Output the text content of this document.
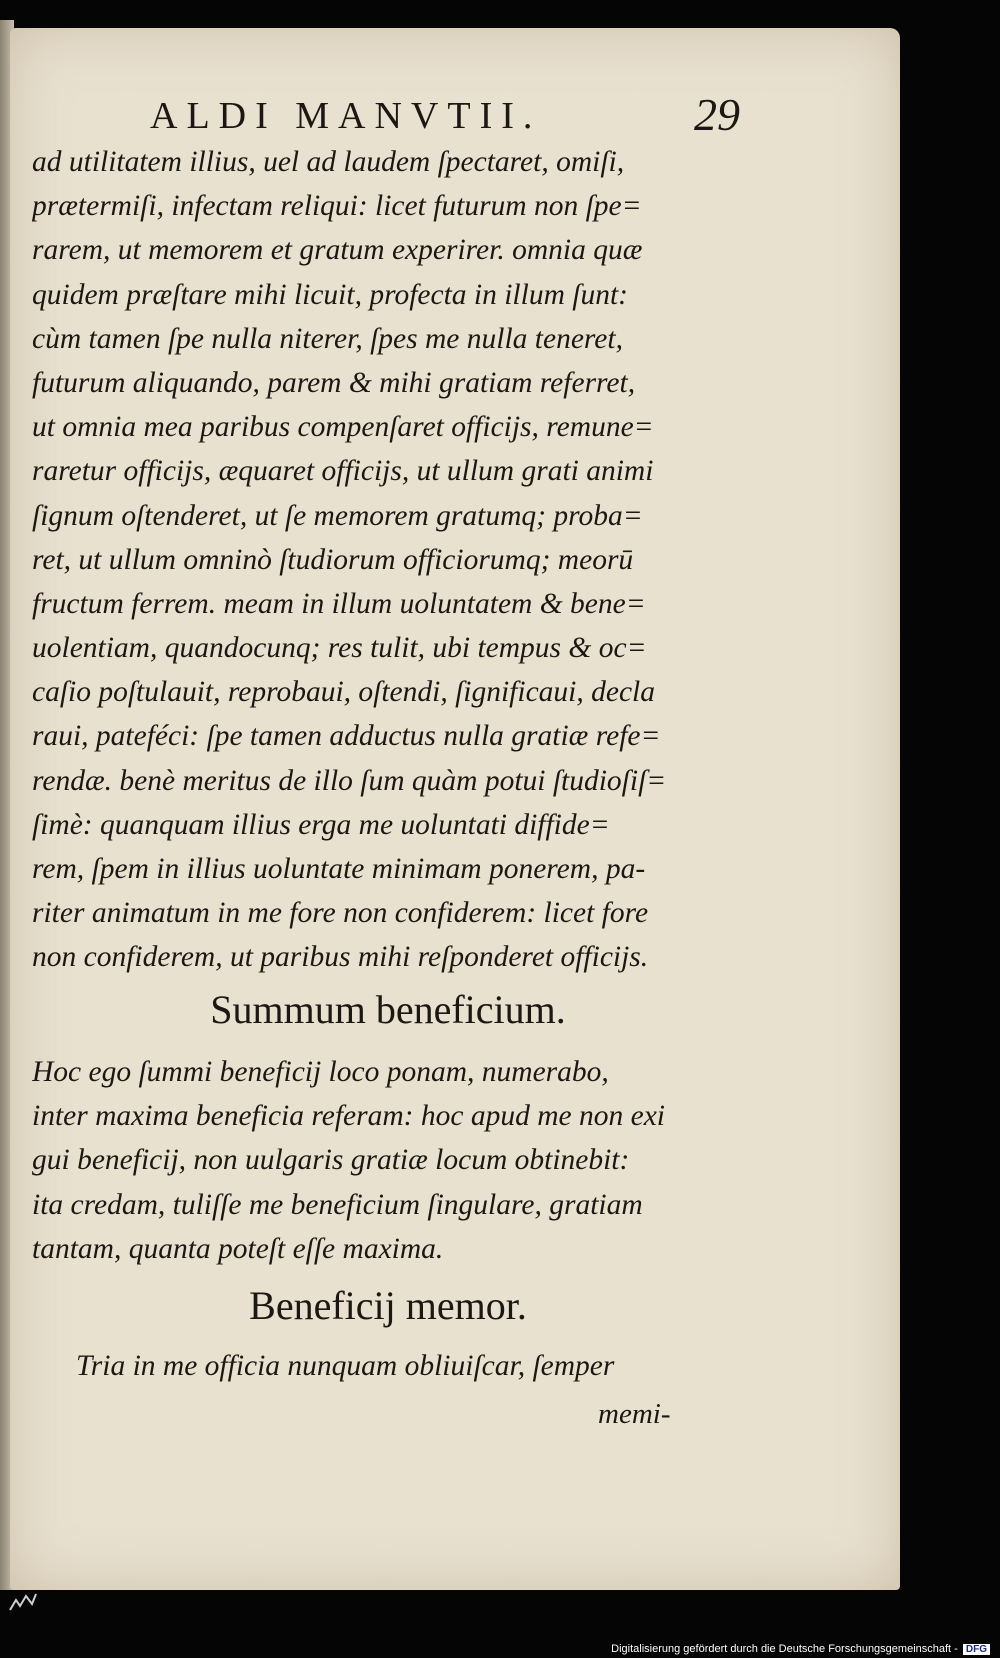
ALDI MANVTII.	29
ad utilitatem illius, uel ad laudem ſpectaret, omiſi,
prætermiſi, infectam reliqui: licet futurum non ſpe=
rarem, ut memorem et gratum experirer. omnia quæ
quidem præſtare mihi licuit, profecta in illum ſunt:
cùm tamen ſpe nulla niterer, ſpes me nulla teneret,
futurum aliquando, parem & mihi gratiam referret,
ut omnia mea paribus compenſaret officijs, remune=
raretur officijs, æquaret officijs, ut ullum grati animi
ſignum oſtenderet, ut ſe memorem gratumq; proba=
ret, ut ullum omninò ſtudiorum officiorumq; meorū
fructum ferrem. meam in illum uoluntatem & bene=
uolentiam, quandocunq; res tulit, ubi tempus & oc=
caſio poſtulauit, reprobaui, oſtendi, ſignificaui, decla
raui, pateféci: ſpe tamen adductus nulla gratiæ refe=
rendæ. benè meritus de illo ſum quàm potui ſtudioſiſ=
ſimè: quanquam illius erga me uoluntati diffide=
rem, ſpem in illius uoluntate minimam ponerem, pa-
riter animatum in me fore non confiderem: licet fore
non confiderem, ut paribus mihi reſponderet officijs.
Summum beneficium.
Hoc ego ſummi beneficij loco ponam, numerabo,
inter maxima beneficia referam: hoc apud me non exi
gui beneficij, non uulgaris gratiæ locum obtinebit:
ita credam, tuliſſe me beneficium ſingulare, gratiam
tantam, quanta poteſt eſſe maxima.
Beneficij memor.
Tria in me officia nunquam obliuiſcar, ſemper
memi-
Digitalisierung gefördert durch die Deutsche Forschungsgemeinschaft - DFG
